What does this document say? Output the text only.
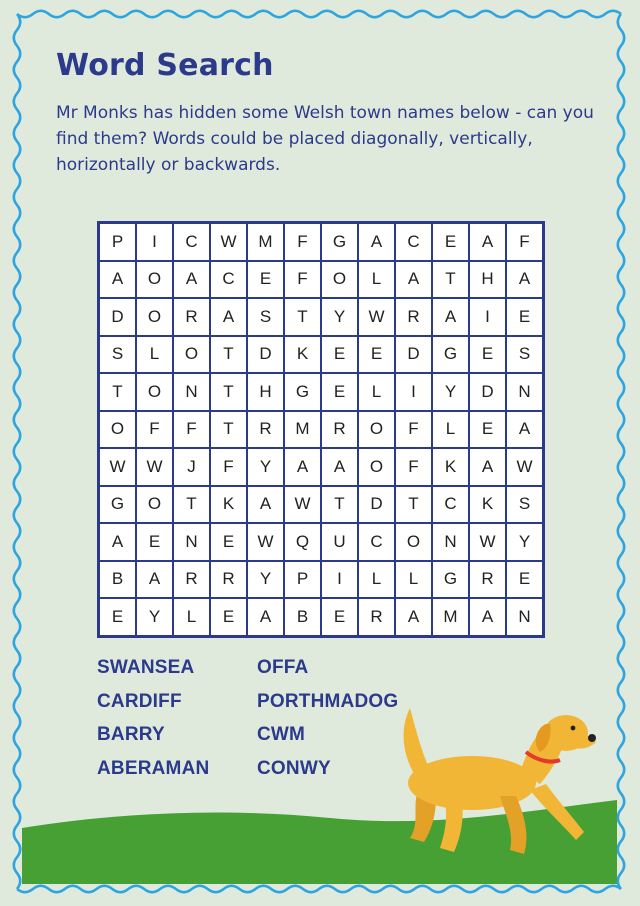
Word Search
Mr Monks has hidden some Welsh town names below - can you find them? Words could be placed diagonally, vertically, horizontally or backwards.
P	I	C	W	M	F	G	A	C	E	A	F
A	O	A	C	E	F	O	L	A	T	H	A
D	O	R	A	S	T	Y	W	R	A	I	E
S	L	O	T	D	K	E	E	D	G	E	S
T	O	N	T	H	G	E	L	I	Y	D	N
O	F	F	T	R	M	R	O	F	L	E	A
W	W	J	F	Y	A	A	O	F	K	A	W
G	O	T	K	A	W	T	D	T	C	K	S
A	E	N	E	W	Q	U	C	O	N	W	Y
B	A	R	R	Y	P	I	L	L	G	R	E
E	Y	L	E	A	B	E	R	A	M	A	N
SWANSEA	OFFA
CARDIFF	PORTHMADOG
BARRY	CWM
ABERAMAN	CONWY
